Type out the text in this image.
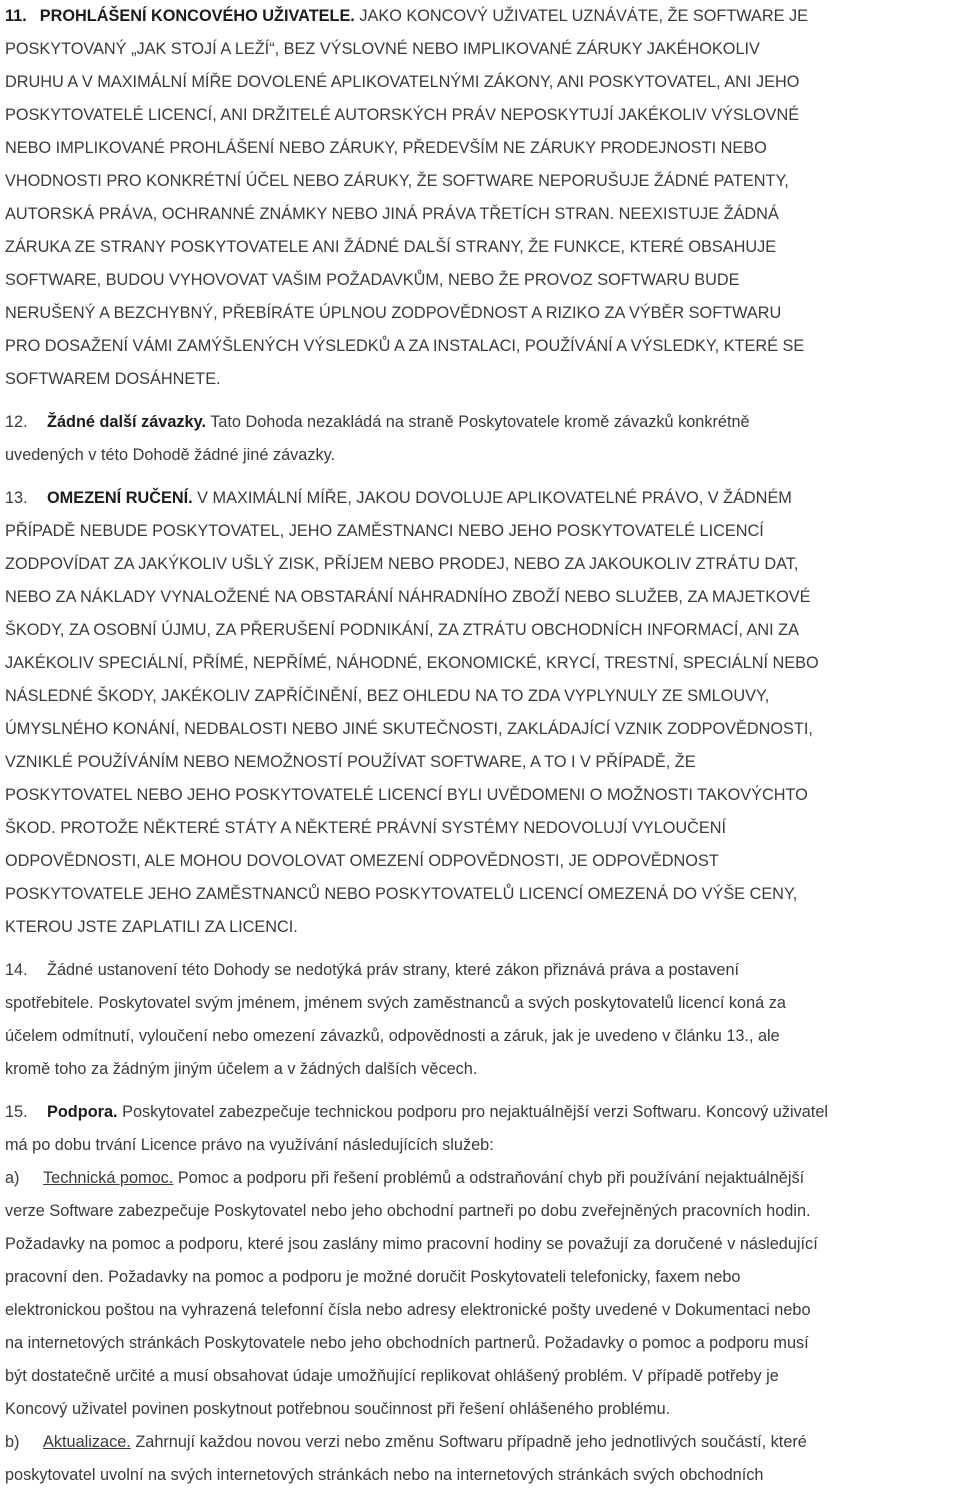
11. PROHLÁŠENÍ KONCOVÉHO UŽIVATELE. JAKO KONCOVÝ UŽIVATEL UZNÁVÁTE, ŽE SOFTWARE JE
POSKYTOVANÝ „JAK STOJÍ A LEŽÍ“, BEZ VÝSLOVNÉ NEBO IMPLIKOVANÉ ZÁRUKY JAKÉHOKOLIV
DRUHU A V MAXIMÁLNÍ MÍŘE DOVOLENÉ APLIKOVATELNÝMI ZÁKONY, ANI POSKYTOVATEL, ANI JEHO
POSKYTOVATELÉ LICENCÍ, ANI DRŽITELÉ AUTORSKÝCH PRÁV NEPOSKYTUJÍ JAKÉKOLIV VÝSLOVNÉ
NEBO IMPLIKOVANÉ PROHLÁŠENÍ NEBO ZÁRUKY, PŘEDEVŠÍM NE ZÁRUKY PRODEJNOSTI NEBO
VHODNOSTI PRO KONKRÉTNÍ ÚČEL NEBO ZÁRUKY, ŽE SOFTWARE NEPORUŠUJE ŽÁDNÉ PATENTY,
AUTORSKÁ PRÁVA, OCHRANNÉ ZNÁMKY NEBO JINÁ PRÁVA TŘETÍCH STRAN. NEEXISTUJE ŽÁDNÁ
ZÁRUKA ZE STRANY POSKYTOVATELE ANI ŽÁDNÉ DALŠÍ STRANY, ŽE FUNKCE, KTERÉ OBSAHUJE
SOFTWARE, BUDOU VYHOVOVAT VAŠIM POŽADAVKŮM, NEBO ŽE PROVOZ SOFTWARU BUDE
NERUŠENÝ A BEZCHYBNÝ, PŘEBÍRÁTE ÚPLNOU ZODPOVĚDNOST A RIZIKO ZA VÝBĚR SOFTWARU
PRO DOSAŽENÍ VÁMI ZAMÝŠLENÝCH VÝSLEDKŮ A ZA INSTALACI, POUŽÍVÁNÍ A VÝSLEDKY, KTERÉ SE
SOFTWAREM DOSÁHNETE.
12. Žádné další závazky. Tato Dohoda nezakládá na straně Poskytovatele kromě závazků konkrétně
uvedených v této Dohodě žádné jiné závazky.
13. OMEZENÍ RUČENÍ. V MAXIMÁLNÍ MÍŘE, JAKOU DOVOLUJE APLIKOVATELNÉ PRÁVO, V ŽÁDNÉM
PŘÍPADĚ NEBUDE POSKYTOVATEL, JEHO ZAMĚSTNANCI NEBO JEHO POSKYTOVATELÉ LICENCÍ
ZODPOVÍDAT ZA JAKÝKOLIV UŠLÝ ZISK, PŘÍJEM NEBO PRODEJ, NEBO ZA JAKOUKOLIV ZTRÁTU DAT,
NEBO ZA NÁKLADY VYNALOŽENÉ NA OBSTARÁNÍ NÁHRADNÍHO ZBOŽÍ NEBO SLUŽEB, ZA MAJETKOVÉ
ŠKODY, ZA OSOBNÍ ÚJMU, ZA PŘERUŠENÍ PODNIKÁNÍ, ZA ZTRÁTU OBCHODNÍCH INFORMACÍ, ANI ZA
JAKÉKOLIV SPECIÁLNÍ, PŘÍMÉ, NEPŘÍMÉ, NÁHODNÉ, EKONOMICKÉ, KRYCÍ, TRESTNÍ, SPECIÁLNÍ NEBO
NÁSLEDNÉ ŠKODY, JAKÉKOLIV ZAPŘÍČINĚNÍ, BEZ OHLEDU NA TO ZDA VYPLYNULY ZE SMLOUVY,
ÚMYSLNÉHO KONÁNÍ, NEDBALOSTI NEBO JINÉ SKUTEČNOSTI, ZAKLÁDAJÍCÍ VZNIK ZODPOVĚDNOSTI,
VZNIKLÉ POUŽÍVÁNÍM NEBO NEMOŽNOSTÍ POUŽÍVAT SOFTWARE, A TO I V PŘÍPADĚ, ŽE
POSKYTOVATEL NEBO JEHO POSKYTOVATELÉ LICENCÍ BYLI UVĚDOMENI O MOŽNOSTI TAKOVÝCHTO
ŠKOD. PROTOŽE NĚKTERÉ STÁTY A NĚKTERÉ PRÁVNÍ SYSTÉMY NEDOVOLUJÍ VYLOUČENÍ
ODPOVĚDNOSTI, ALE MOHOU DOVOLOVAT OMEZENÍ ODPOVĚDNOSTI, JE ODPOVĚDNOST
POSKYTOVATELE JEHO ZAMĚSTNANCŮ NEBO POSKYTOVATELŮ LICENCÍ OMEZENÁ DO VÝŠE CENY,
KTEROU JSTE ZAPLATILI ZA LICENCI.
14. Žádné ustanovení této Dohody se nedotýká práv strany, které zákon přiznává práva a postavení
spotřebitele. Poskytovatel svým jménem, jménem svých zaměstnanců a svých poskytovatelů licencí koná za
účelem odmítnutí, vyloučení nebo omezení závazků, odpovědnosti a záruk, jak je uvedeno v článku 13., ale
kromě toho za žádným jiným účelem a v žádných dalších věcech.
15. Podpora. Poskytovatel zabezpečuje technickou podporu pro nejaktuálnější verzi Softwaru. Koncový uživatel
má po dobu trvání Licence právo na využívání následujících služeb:
a) Technická pomoc. Pomoc a podporu při řešení problémů a odstraňování chyb při používání nejaktuálnější
verze Software zabezpečuje Poskytovatel nebo jeho obchodní partneři po dobu zveřejněných pracovních hodin.
Požadavky na pomoc a podporu, které jsou zaslány mimo pracovní hodiny se považují za doručené v následující
pracovní den. Požadavky na pomoc a podporu je možné doručit Poskytovateli telefonicky, faxem nebo
elektronickou poštou na vyhrazená telefonní čísla nebo adresy elektronické pošty uvedené v Dokumentaci nebo
na internetových stránkách Poskytovatele nebo jeho obchodních partnerů. Požadavky o pomoc a podporu musí
být dostatečně určité a musí obsahovat údaje umožňující replikovat ohlášený problém. V případě potřeby je
Koncový uživatel povinen poskytnout potřebnou součinnost při řešení ohlášeného problému.
b) Aktualizace. Zahrnují každou novou verzi nebo změnu Softwaru případně jeho jednotlivých součástí, které
poskytovatel uvolní na svých internetových stránkách nebo na internetových stránkách svých obchodních
